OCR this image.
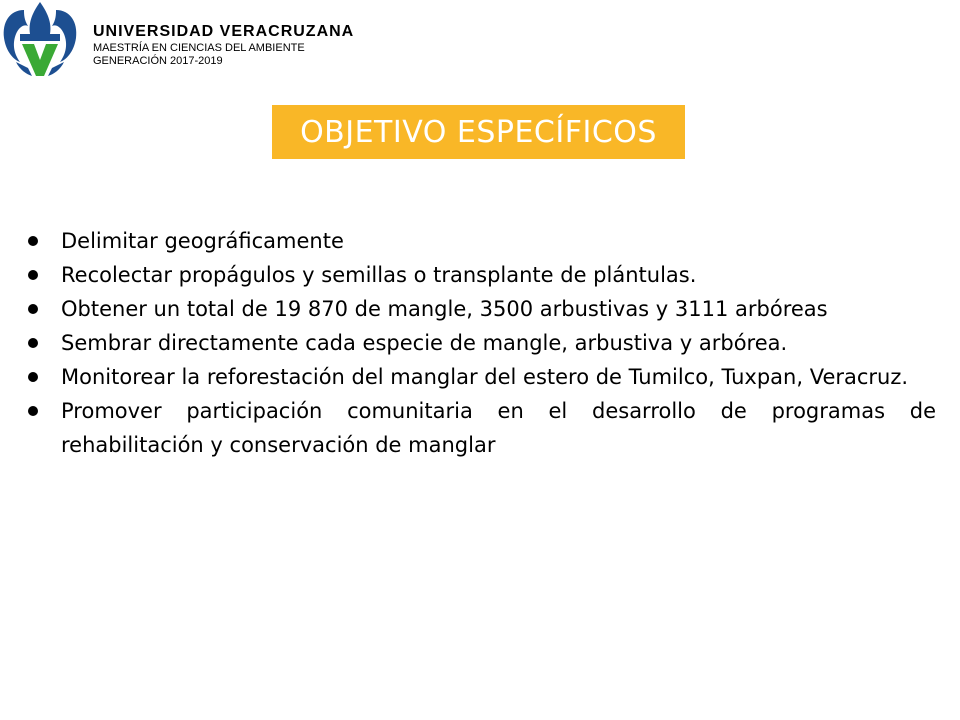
UNIVERSIDAD VERACRUZANA

MAESTRÍA EN CIENCIAS DEL AMBIENTE

GENERACIÓN 2017-2019

OBJETIVO ESPECÍFICOS
Delimitar geográficamente
Recolectar propágulos y semillas o transplante de plántulas.
Obtener un total de 19 870 de mangle, 3500 arbustivas y 3111 arbóreas
Sembrar directamente cada especie de mangle, arbustiva y arbórea.
Monitorear la reforestación del manglar del estero de Tumilco, Tuxpan, Veracruz.
Promover participación comunitaria en el desarrollo de programas de rehabilitación y conservación de manglar
